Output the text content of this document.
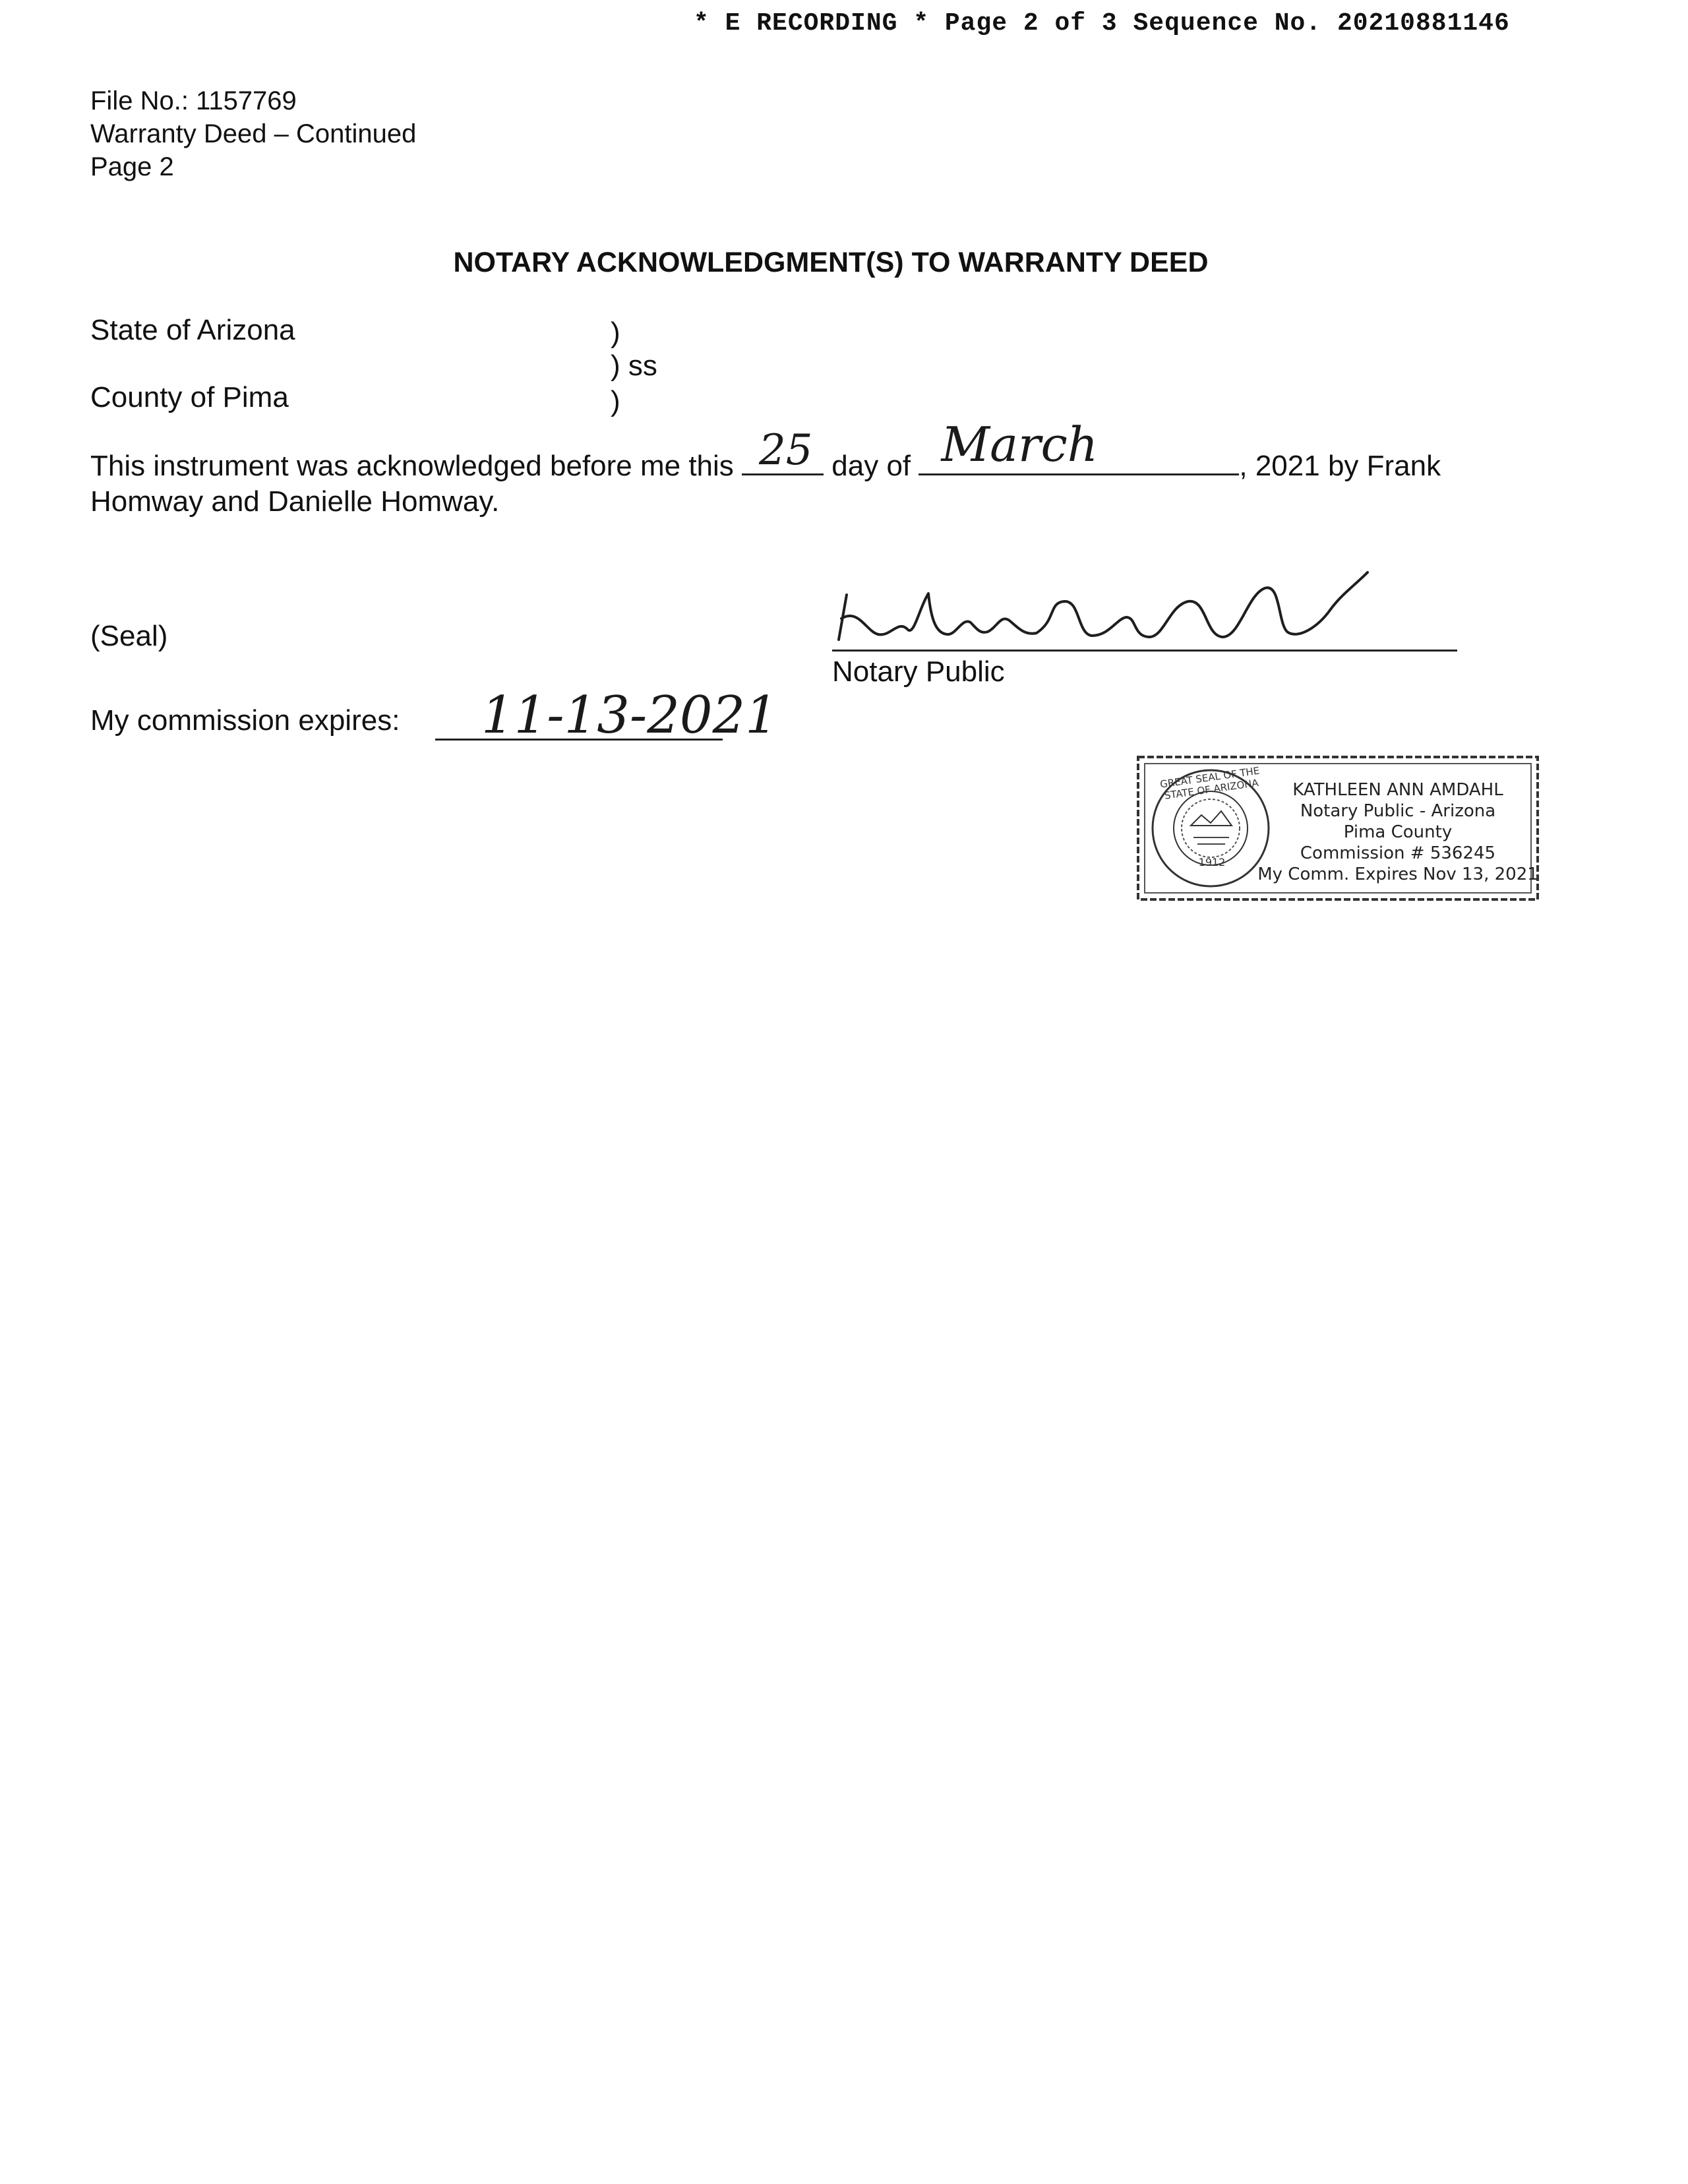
* E RECORDING * Page 2 of 3 Sequence No. 20210881146
File No.: 1157769
Warranty Deed – Continued
Page 2
NOTARY ACKNOWLEDGMENT(S) TO WARRANTY DEED
State of Arizona
County of Pima
)
) ss
)
This instrument was acknowledged before me this 25 day of March	, 2021 by Frank
Homway and Danielle Homway.
(Seal)
Notary Public
My commission expires: 11-13-2021
GREAT SEAL OF THE STATE OF ARIZONA
1912
KATHLEEN ANN AMDAHL
Notary Public - Arizona
Pima County
Commission # 536245
My Comm. Expires Nov 13, 2021
